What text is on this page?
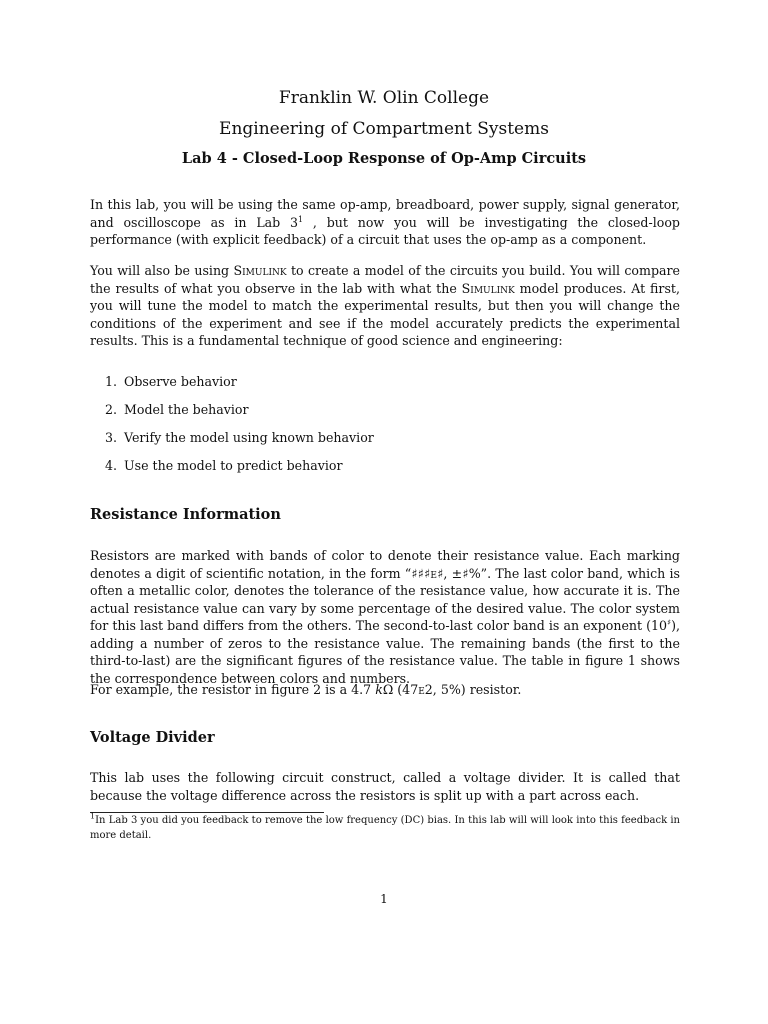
Franklin W. Olin College
Engineering of Compartment Systems
Lab 4 - Closed-Loop Response of Op-Amp Circuits

In this lab, you will be using the same op-amp, breadboard, power supply, signal generator, and oscilloscope as in Lab $3^1$ , but now you will be investigating the closed-loop performance (with explicit feedback) of a circuit that uses the op-amp as a component.

You will also be using Simulink to create a model of the circuits you build. You will compare the results of what you observe in the lab with what the Simulink model produces. At first, you will tune the model to match the experimental results, but then you will change the conditions of the experiment and see if the model accurately predicts the experimental results. This is a fundamental technique of good science and engineering:

1. Observe behavior
2. Model the behavior
3. Verify the model using known behavior
4. Use the model to predict behavior
Resistance Information

Resistors are marked with bands of color to denote their resistance value. Each marking denotes a digit of scientific notation, in the form “♯♯♯e♯, ±♯%”. The last color band, which is often a metallic color, denotes the tolerance of the resistance value, how accurate it is. The actual resistance value can vary by some percentage of the desired value. The color system for this last band differs from the others. The second-to-last color band is an exponent (10♯), adding a number of zeros to the resistance value. The remaining bands (the first to the third-to-last) are the significant figures of the resistance value. The table in figure 1 shows the correspondence between colors and numbers.

For example, the resistor in figure 2 is a 4.7 kΩ (47e2, 5%) resistor.

Voltage Divider

This lab uses the following circuit construct, called a voltage divider. It is called that because the voltage difference across the resistors is split up with a part across each.

$^1$In Lab 3 you did you feedback to remove the low frequency (DC) bias. In this lab will will look into this feedback in more detail.

1
